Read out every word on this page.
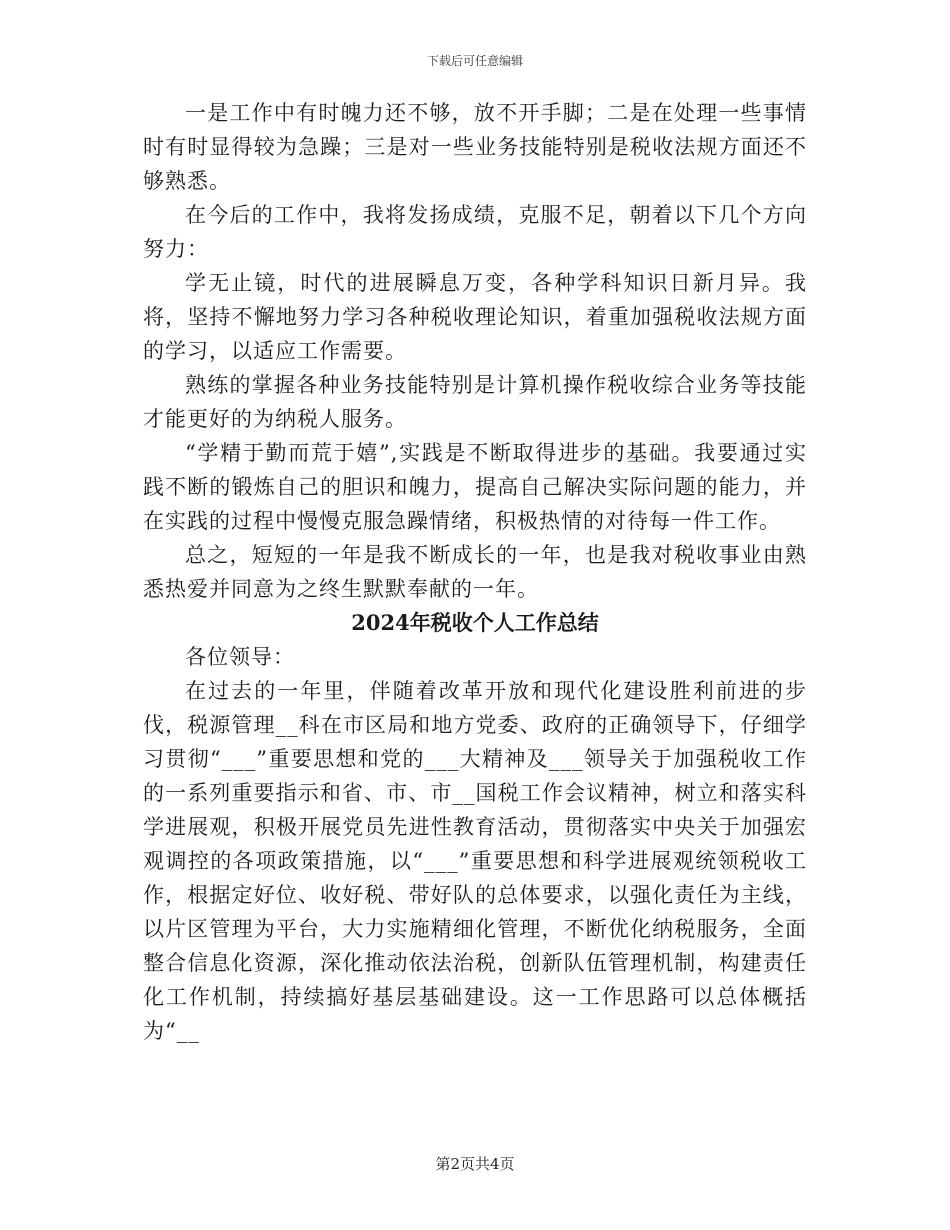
下载后可任意编辑

一是工作中有时魄力还不够，放不开手脚；二是在处理一些事情时有时显得较为急躁；三是对一些业务技能特别是税收法规方面还不够熟悉。

在今后的工作中，我将发扬成绩，克服不足，朝着以下几个方向努力：

学无止镜，时代的进展瞬息万变，各种学科知识日新月异。我将，坚持不懈地努力学习各种税收理论知识，着重加强税收法规方面的学习，以适应工作需要。

熟练的掌握各种业务技能特别是计算机操作税收综合业务等技能才能更好的为纳税人服务。

“学精于勤而荒于嬉”,实践是不断取得进步的基础。我要通过实践不断的锻炼自己的胆识和魄力，提高自己解决实际问题的能力，并在实践的过程中慢慢克服急躁情绪，积极热情的对待每一件工作。

总之，短短的一年是我不断成长的一年，也是我对税收事业由熟悉热爱并同意为之终生默默奉献的一年。

2024年税收个人工作总结

各位领导：

在过去的一年里，伴随着改革开放和现代化建设胜利前进的步伐，税源管理__科在市区局和地方党委、政府的正确领导下，仔细学习贯彻“___”重要思想和党的___大精神及___领导关于加强税收工作的一系列重要指示和省、市、市__国税工作会议精神，树立和落实科学进展观，积极开展党员先进性教育活动，贯彻落实中央关于加强宏观调控的各项政策措施，以“___”重要思想和科学进展观统领税收工作，根据定好位、收好税、带好队的总体要求，以强化责任为主线，以片区管理为平台，大力实施精细化管理，不断优化纳税服务，全面整合信息化资源，深化推动依法治税，创新队伍管理机制，构建责任化工作机制，持续搞好基层基础建设。这一工作思路可以总体概括为“__

第2页共4页
